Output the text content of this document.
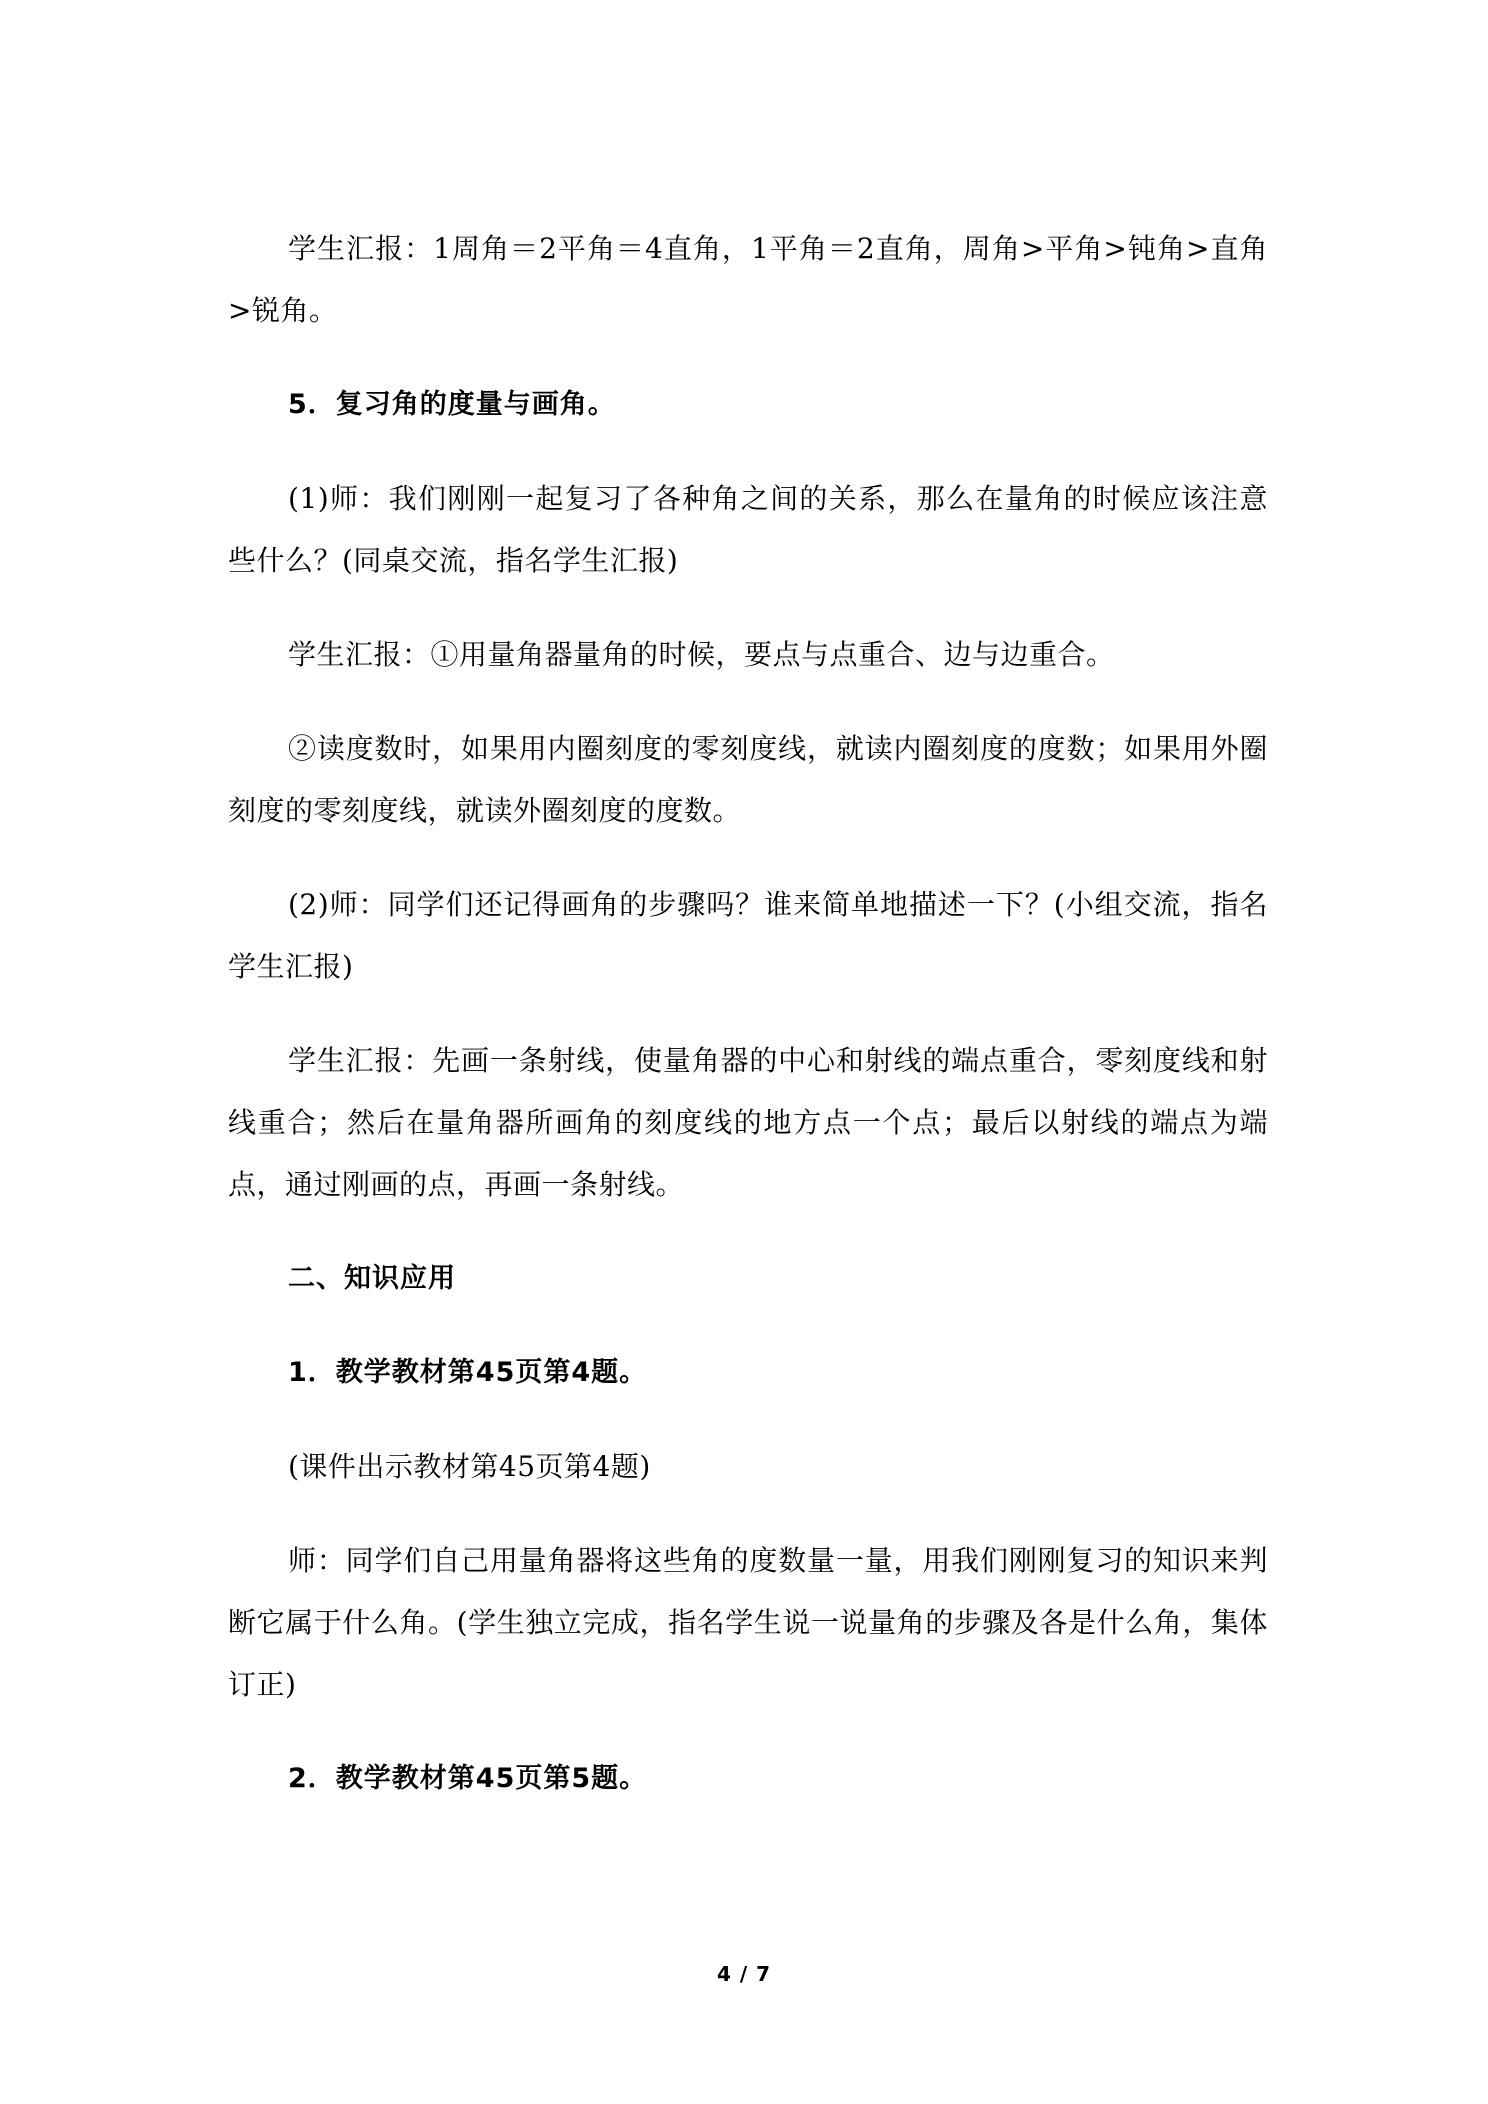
学生汇报：1周角＝2平角＝4直角，1平角＝2直角，周角>平角>钝角>直角>锐角。

5．复习角的度量与画角。

(1)师：我们刚刚一起复习了各种角之间的关系，那么在量角的时候应该注意些什么？(同桌交流，指名学生汇报)

学生汇报：①用量角器量角的时候，要点与点重合、边与边重合。

②读度数时，如果用内圈刻度的零刻度线，就读内圈刻度的度数；如果用外圈刻度的零刻度线，就读外圈刻度的度数。

(2)师：同学们还记得画角的步骤吗？谁来简单地描述一下？(小组交流，指名学生汇报)

学生汇报：先画一条射线，使量角器的中心和射线的端点重合，零刻度线和射线重合；然后在量角器所画角的刻度线的地方点一个点；最后以射线的端点为端点，通过刚画的点，再画一条射线。

二、知识应用

1．教学教材第45页第4题。

(课件出示教材第45页第4题)

师：同学们自己用量角器将这些角的度数量一量，用我们刚刚复习的知识来判断它属于什么角。(学生独立完成，指名学生说一说量角的步骤及各是什么角，集体订正)

2．教学教材第45页第5题。

4 / 7
